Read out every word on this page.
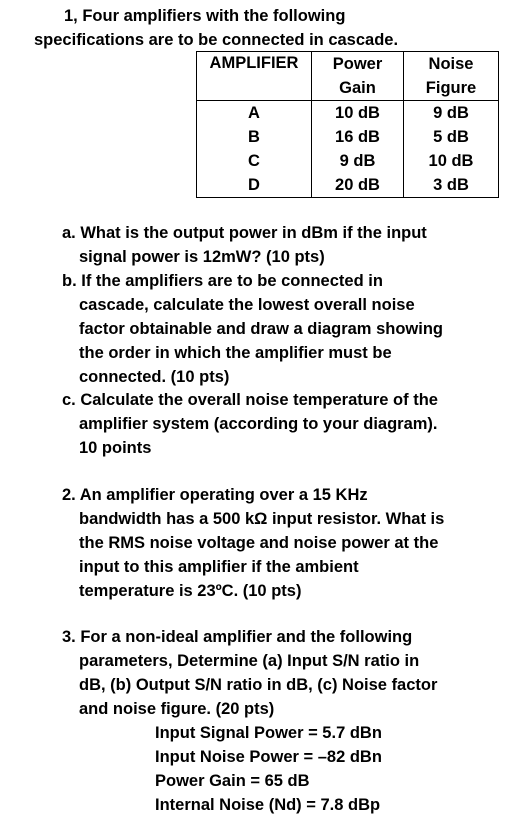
1, Four amplifiers with the following
specifications are to be connected in cascade.
AMPLIFIER	Power Gain	Noise Figure

A	10 dB	9 dB
B	16 dB	5 dB
C	9 dB	10 dB
D	20 dB	3 dB
a. What is the output power in dBm if the input
signal power is 12mW? (10 pts)
b. If the amplifiers are to be connected in
cascade, calculate the lowest overall noise
factor obtainable and draw a diagram showing
the order in which the amplifier must be
connected. (10 pts)
c. Calculate the overall noise temperature of the
amplifier system (according to your diagram).
10 points
2. An amplifier operating over a 15 KHz
bandwidth has a 500 kΩ input resistor. What is
the RMS noise voltage and noise power at the
input to this amplifier if the ambient
temperature is 23ºC. (10 pts)
3. For a non-ideal amplifier and the following
parameters, Determine (a) Input S/N ratio in
dB, (b) Output S/N ratio in dB, (c) Noise factor
and noise figure. (20 pts)
Input Signal Power = 5.7 dBn
Input Noise Power = –82 dBn
Power Gain = 65 dB
Internal Noise (Nd) = 7.8 dBp
